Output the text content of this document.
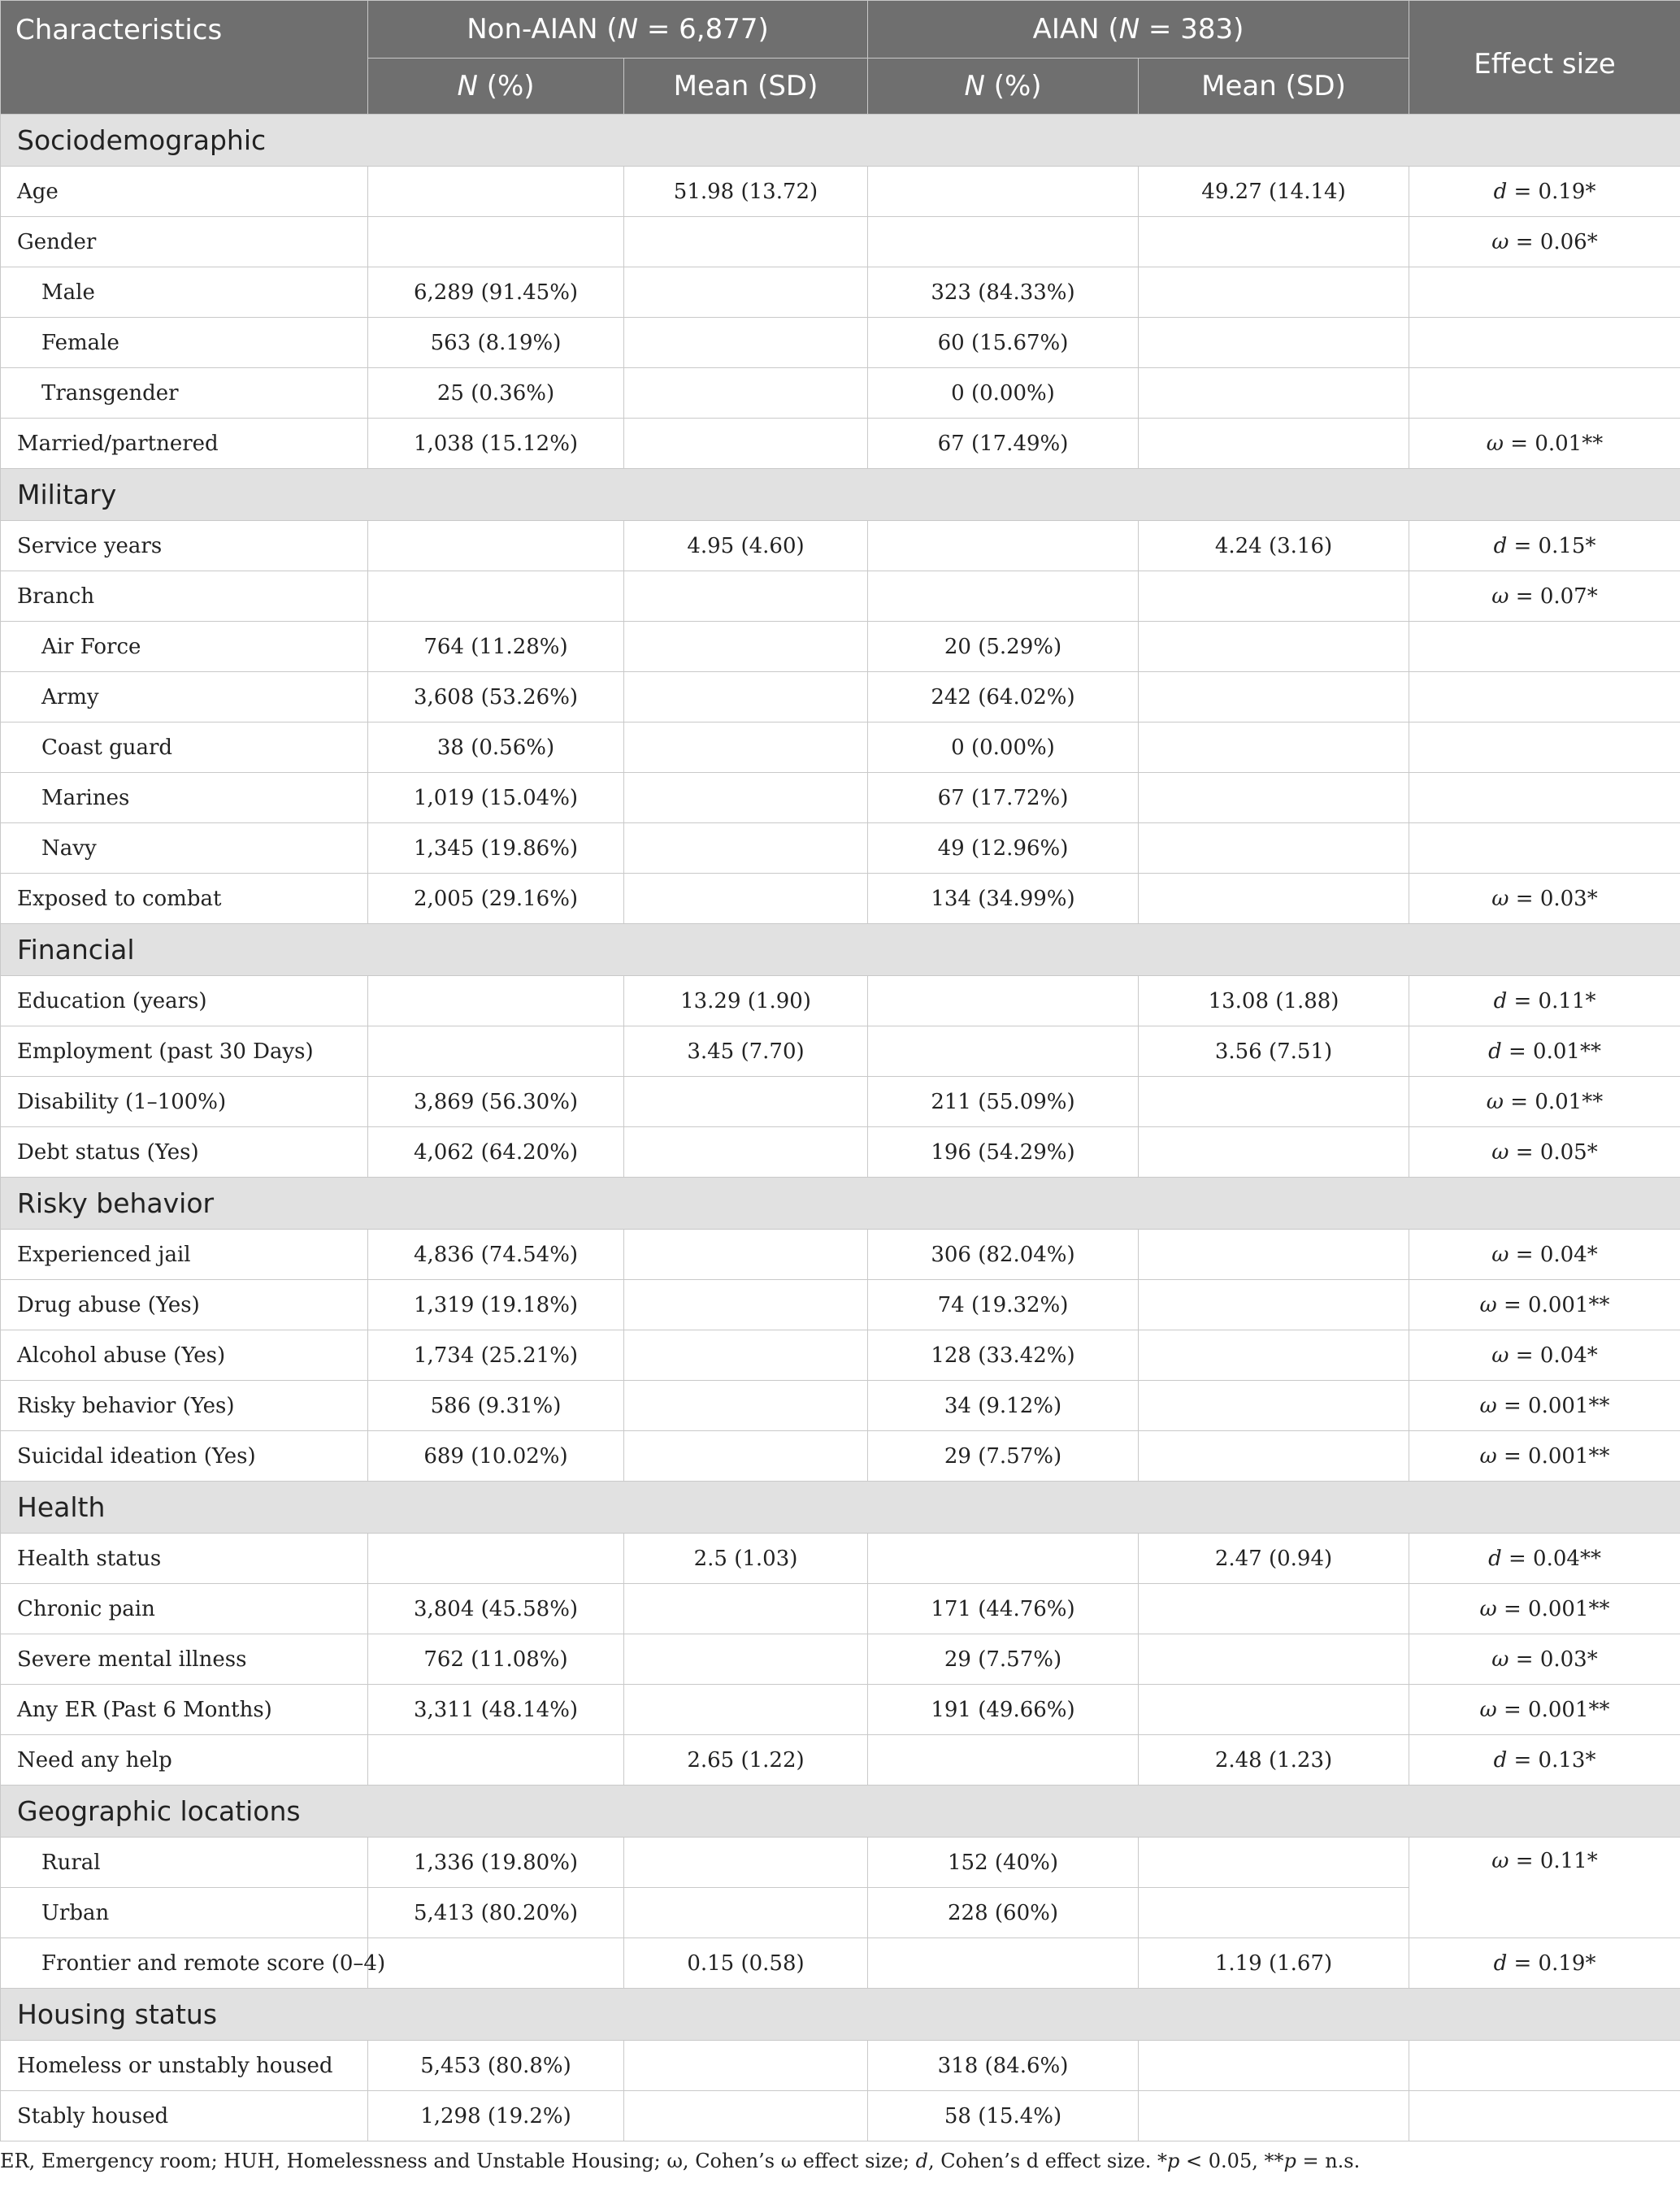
Characteristics	Non-AIAN (N = 6,877)		AIAN (N = 383)		Effect size
	N (%)	Mean (SD)	N (%)	Mean (SD)	
Sociodemographic					
Age		51.98 (13.72)		49.27 (14.14)	d = 0.19*
Gender					ω = 0.06*
Male	6,289 (91.45%)		323 (84.33%)		
Female	563 (8.19%)		60 (15.67%)		
Transgender	25 (0.36%)		0 (0.00%)		
Married/partnered	1,038 (15.12%)		67 (17.49%)		ω = 0.01**
Military					
Service years		4.95 (4.60)		4.24 (3.16)	d = 0.15*
Branch					ω = 0.07*
Air Force	764 (11.28%)		20 (5.29%)		
Army	3,608 (53.26%)		242 (64.02%)		
Coast guard	38 (0.56%)		0 (0.00%)		
Marines	1,019 (15.04%)		67 (17.72%)		
Navy	1,345 (19.86%)		49 (12.96%)		
Exposed to combat	2,005 (29.16%)		134 (34.99%)		ω = 0.03*
Financial					
Education (years)		13.29 (1.90)		13.08 (1.88)	d = 0.11*
Employment (past 30 Days)		3.45 (7.70)		3.56 (7.51)	d = 0.01**
Disability (1–100%)	3,869 (56.30%)		211 (55.09%)		ω = 0.01**
Debt status (Yes)	4,062 (64.20%)		196 (54.29%)		ω = 0.05*
Risky behavior					
Experienced jail	4,836 (74.54%)		306 (82.04%)		ω = 0.04*
Drug abuse (Yes)	1,319 (19.18%)		74 (19.32%)		ω = 0.001**
Alcohol abuse (Yes)	1,734 (25.21%)		128 (33.42%)		ω = 0.04*
Risky behavior (Yes)	586 (9.31%)		34 (9.12%)		ω = 0.001**
Suicidal ideation (Yes)	689 (10.02%)		29 (7.57%)		ω = 0.001**
Health					
Health status		2.5 (1.03)		2.47 (0.94)	d = 0.04**
Chronic pain	3,804 (45.58%)		171 (44.76%)		ω = 0.001**
Severe mental illness	762 (11.08%)		29 (7.57%)		ω = 0.03*
Any ER (Past 6 Months)	3,311 (48.14%)		191 (49.66%)		ω = 0.001**
Need any help		2.65 (1.22)		2.48 (1.23)	d = 0.13*
Geographic locations					
Rural	1,336 (19.80%)		152 (40%)		ω = 0.11*
Urban	5,413 (80.20%)		228 (60%)		
Frontier and remote score (0–4)		0.15 (0.58)		1.19 (1.67)	d = 0.19*
Housing status					
Homeless or unstably housed	5,453 (80.8%)		318 (84.6%)		
Stably housed	1,298 (19.2%)		58 (15.4%)		
ER, Emergency room; HUH, Homelessness and Unstable Housing; ω, Cohen’s ω effect size; d, Cohen’s d effect size. *p < 0.05, **p = n.s.
